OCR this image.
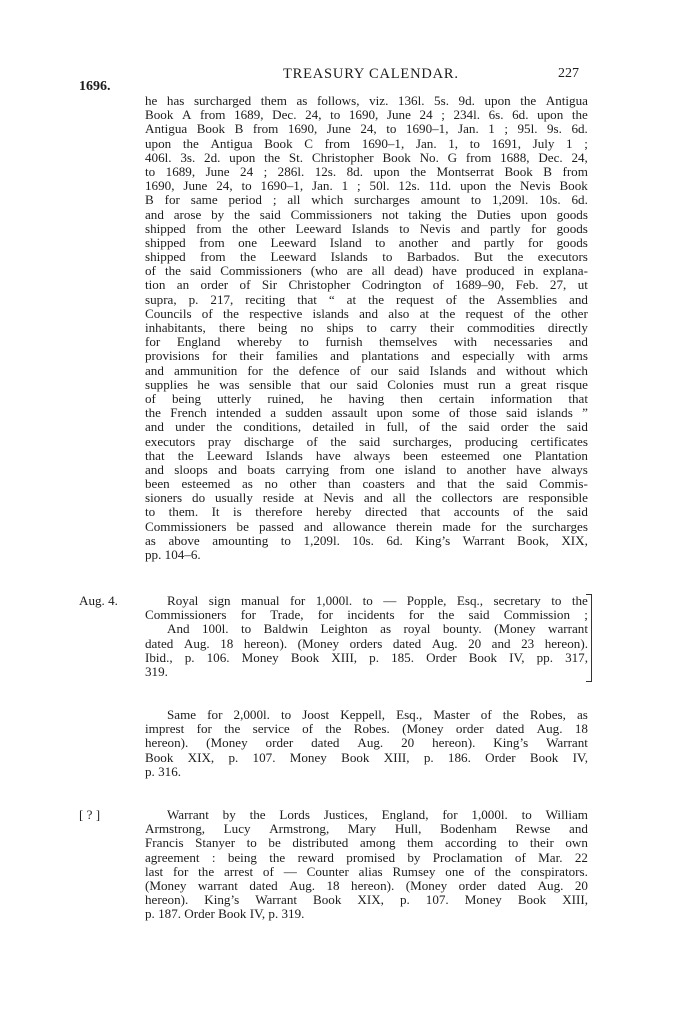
1696.
TREASURY CALENDAR.	227
he has surcharged them as follows, viz. 136l. 5s. 9d. upon the Antigua
Book A from 1689, Dec. 24, to 1690, June 24 ; 234l. 6s. 6d. upon the
Antigua Book B from 1690, June 24, to 1690–1, Jan. 1 ; 95l. 9s. 6d.
upon the Antigua Book C from 1690–1, Jan. 1, to 1691, July 1 ;
406l. 3s. 2d. upon the St. Christopher Book No. G from 1688, Dec. 24,
to 1689, June 24 ; 286l. 12s. 8d. upon the Montserrat Book B from
1690, June 24, to 1690–1, Jan. 1 ; 50l. 12s. 11d. upon the Nevis Book
B for same period ; all which surcharges amount to 1,209l. 10s. 6d.
and arose by the said Commissioners not taking the Duties upon goods
shipped from the other Leeward Islands to Nevis and partly for goods
shipped from one Leeward Island to another and partly for goods
shipped from the Leeward Islands to Barbados. But the executors
of the said Commissioners (who are all dead) have produced in explana-
tion an order of Sir Christopher Codrington of 1689–90, Feb. 27, ut
supra, p. 217, reciting that “ at the request of the Assemblies and
Councils of the respective islands and also at the request of the other
inhabitants, there being no ships to carry their commodities directly
for England whereby to furnish themselves with necessaries and
provisions for their families and plantations and especially with arms
and ammunition for the defence of our said Islands and without which
supplies he was sensible that our said Colonies must run a great risque
of being utterly ruined, he having then certain information that
the French intended a sudden assault upon some of those said islands ”
and under the conditions, detailed in full, of the said order the said
executors pray discharge of the said surcharges, producing certificates
that the Leeward Islands have always been esteemed one Plantation
and sloops and boats carrying from one island to another have always
been esteemed as no other than coasters and that the said Commis-
sioners do usually reside at Nevis and all the collectors are responsible
to them. It is therefore hereby directed that accounts of the said
Commissioners be passed and allowance therein made for the surcharges
as above amounting to 1,209l. 10s. 6d. King’s Warrant Book, XIX,
pp. 104–6.
Aug. 4.	Royal sign manual for 1,000l. to — Popple, Esq., secretary to the
Commissioners for Trade, for incidents for the said Commission ;
And 100l. to Baldwin Leighton as royal bounty. (Money warrant
dated Aug. 18 hereon). (Money orders dated Aug. 20 and 23 hereon).
Ibid., p. 106. Money Book XIII, p. 185. Order Book IV, pp. 317,
319.
Same for 2,000l. to Joost Keppell, Esq., Master of the Robes, as
imprest for the service of the Robes. (Money order dated Aug. 18
hereon). (Money order dated Aug. 20 hereon). King’s Warrant
Book XIX, p. 107. Money Book XIII, p. 186. Order Book IV,
p. 316.
[ ? ]	Warrant by the Lords Justices, England, for 1,000l. to William
Armstrong, Lucy Armstrong, Mary Hull, Bodenham Rewse and
Francis Stanyer to be distributed among them according to their own
agreement : being the reward promised by Proclamation of Mar. 22
last for the arrest of — Counter alias Rumsey one of the conspirators.
(Money warrant dated Aug. 18 hereon). (Money order dated Aug. 20
hereon). King’s Warrant Book XIX, p. 107. Money Book XIII,
p. 187. Order Book IV, p. 319.
